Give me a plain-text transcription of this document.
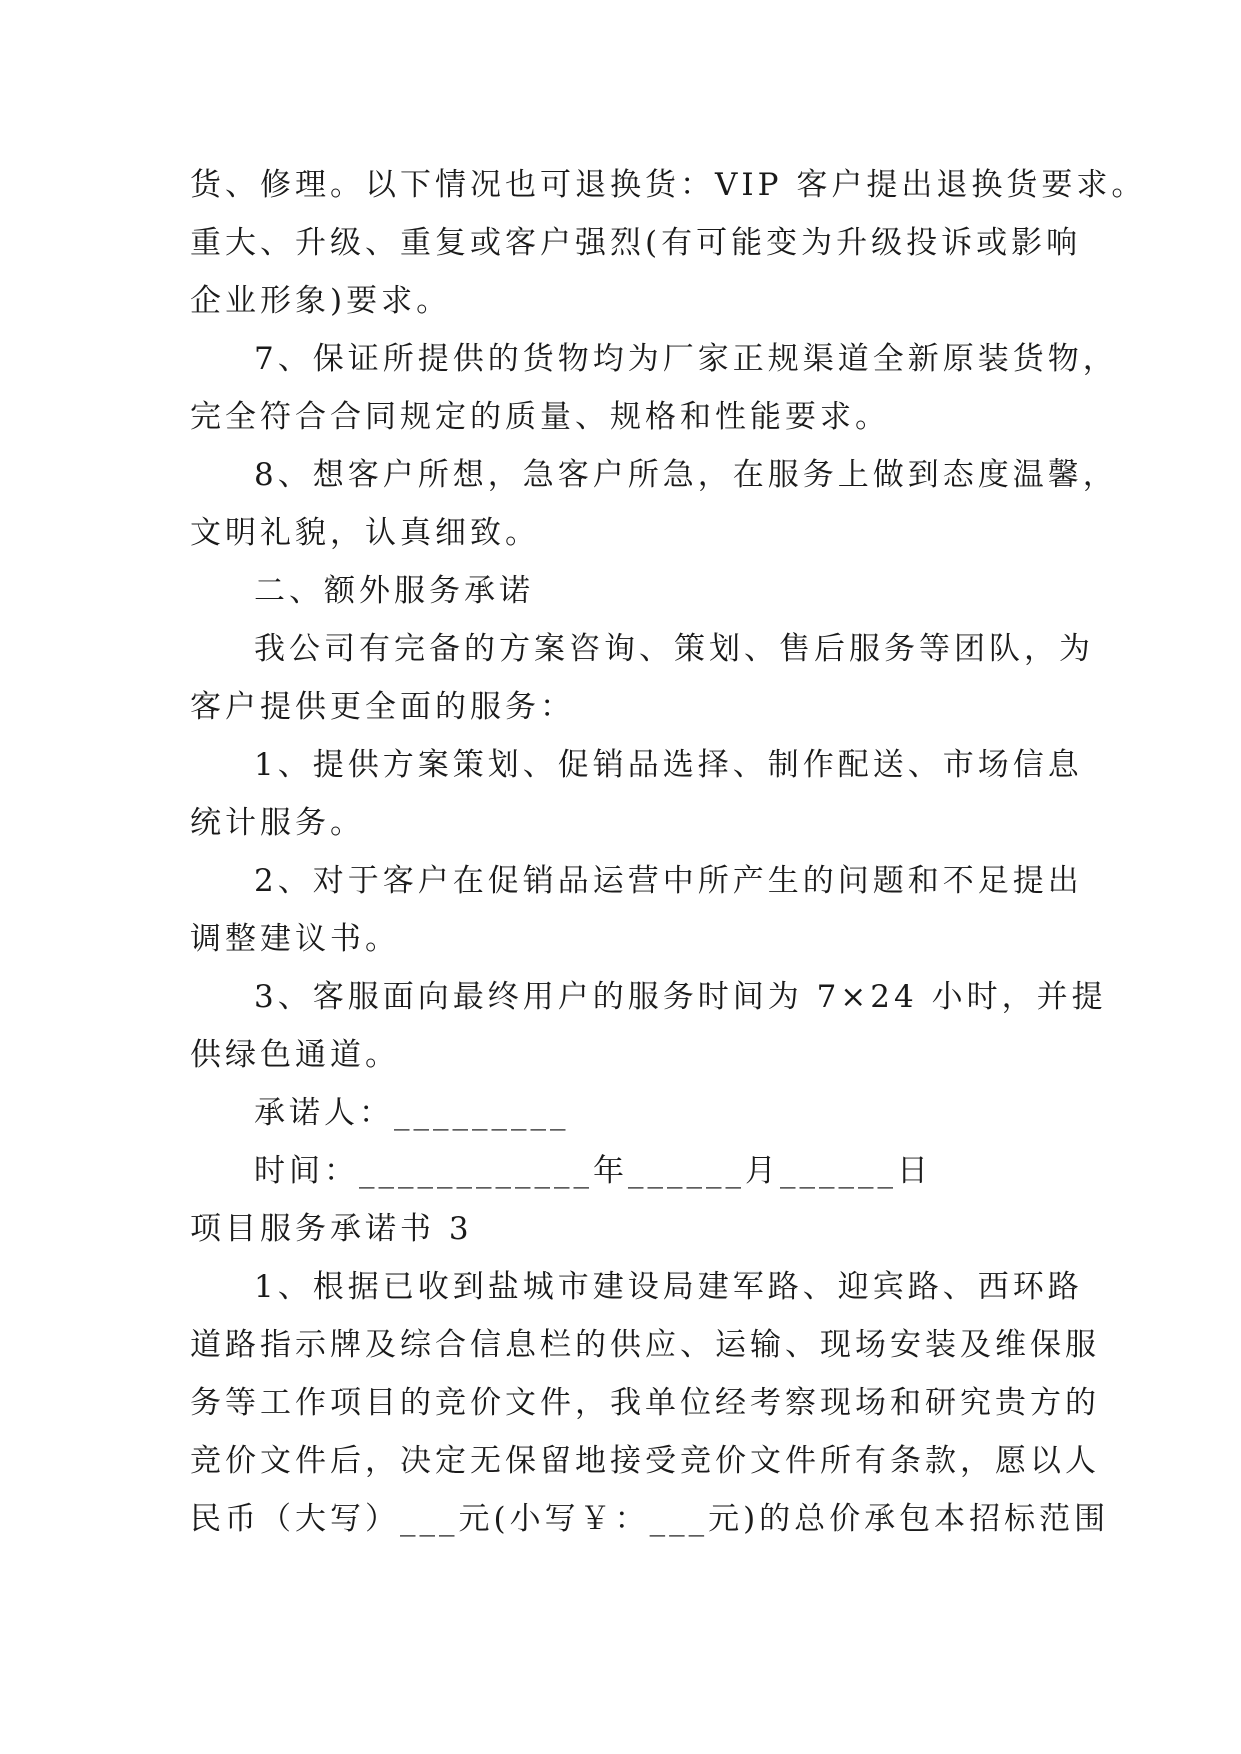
货、修理。以下情况也可退换货：VIP 客户提出退换货要求。
重大、升级、重复或客户强烈(有可能变为升级投诉或影响
企业形象)要求。
7、保证所提供的货物均为厂家正规渠道全新原装货物，
完全符合合同规定的质量、规格和性能要求。
8、想客户所想，急客户所急，在服务上做到态度温馨，
文明礼貌，认真细致。
二、额外服务承诺
我公司有完备的方案咨询、策划、售后服务等团队，为
客户提供更全面的服务：
1、提供方案策划、促销品选择、制作配送、市场信息
统计服务。
2、对于客户在促销品运营中所产生的问题和不足提出
调整建议书。
3、客服面向最终用户的服务时间为 7×24 小时，并提
供绿色通道。
承诺人：_________
时间：____________年______月______日
项目服务承诺书 3
1、根据已收到盐城市建设局建军路、迎宾路、西环路
道路指示牌及综合信息栏的供应、运输、现场安装及维保服
务等工作项目的竞价文件，我单位经考察现场和研究贵方的
竞价文件后，决定无保留地接受竞价文件所有条款，愿以人
民币（大写）___元(小写￥：___元)的总价承包本招标范围
